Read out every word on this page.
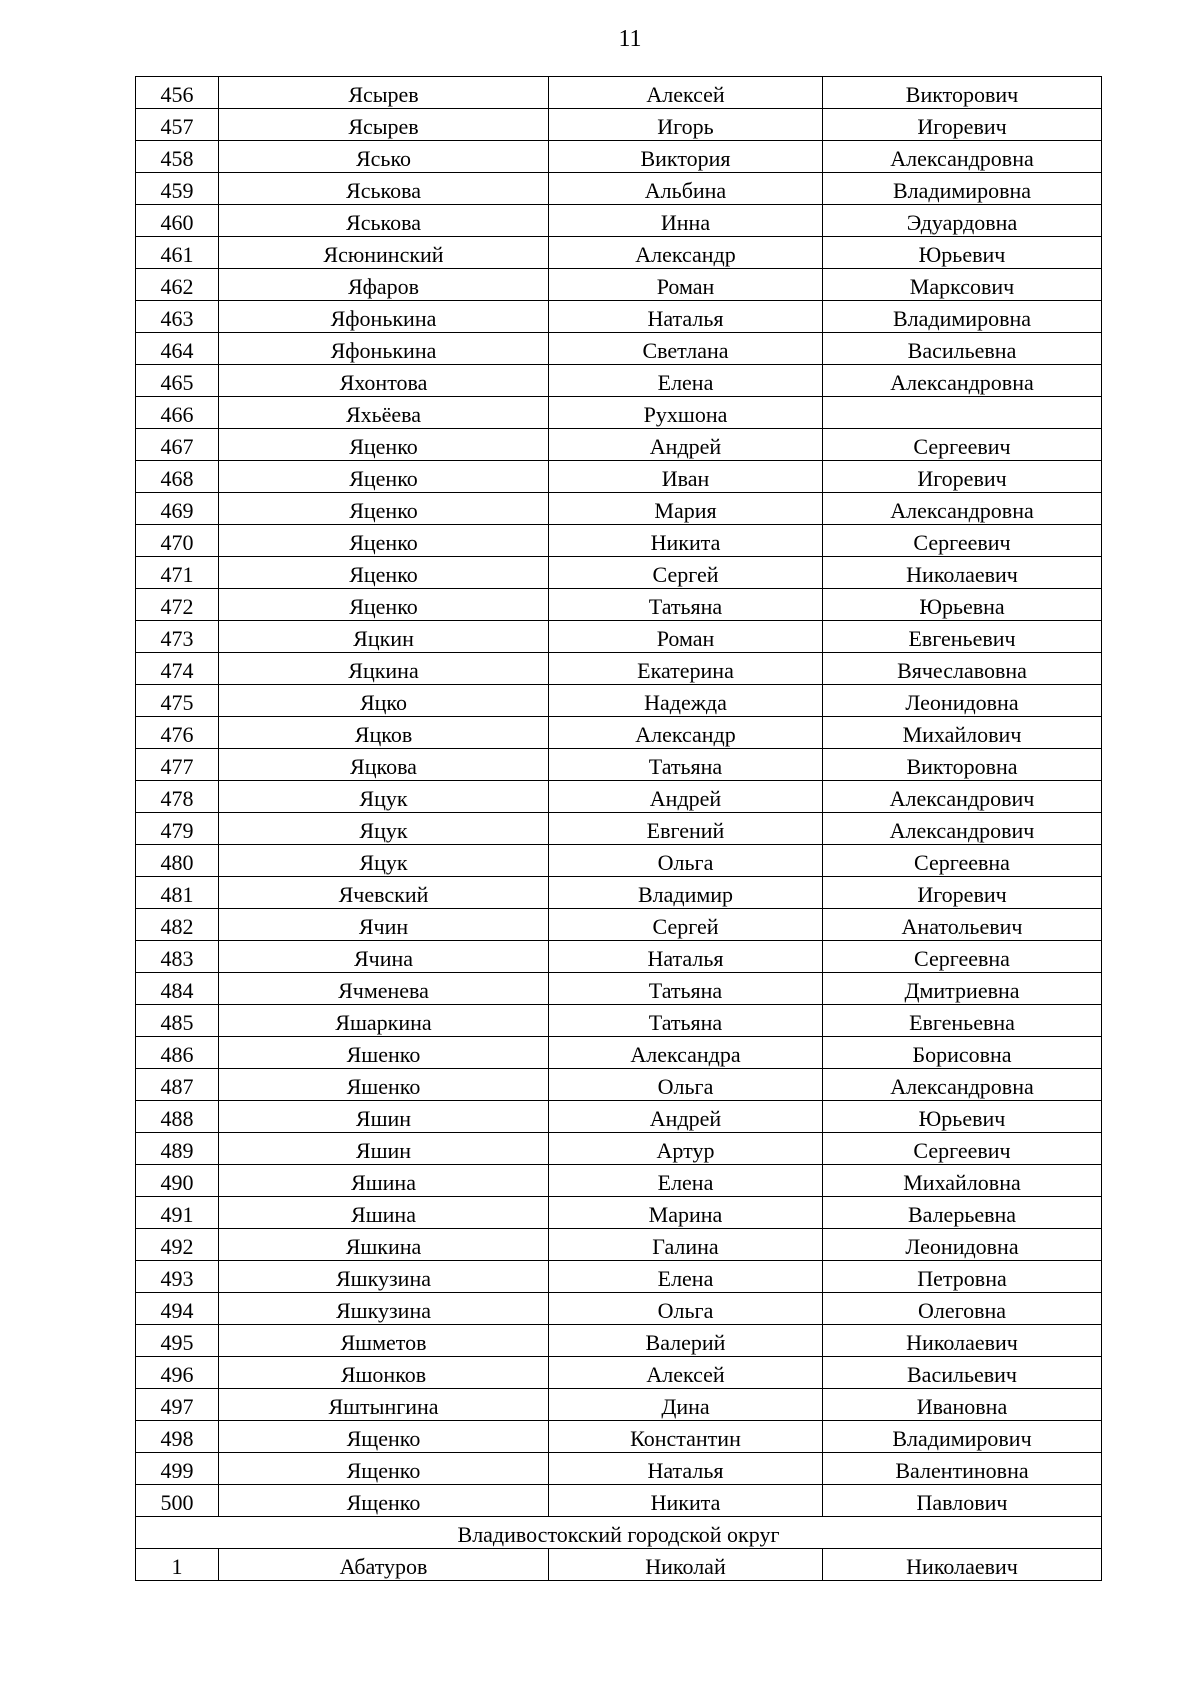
11
456	Ясырев	Алексей	Викторович
457	Ясырев	Игорь	Игоревич
458	Ясько	Виктория	Александровна
459	Яськова	Альбина	Владимировна
460	Яськова	Инна	Эдуардовна
461	Ясюнинский	Александр	Юрьевич
462	Яфаров	Роман	Марксович
463	Яфонькина	Наталья	Владимировна
464	Яфонькина	Светлана	Васильевна
465	Яхонтова	Елена	Александровна
466	Яхьёева	Рухшона	
467	Яценко	Андрей	Сергеевич
468	Яценко	Иван	Игоревич
469	Яценко	Мария	Александровна
470	Яценко	Никита	Сергеевич
471	Яценко	Сергей	Николаевич
472	Яценко	Татьяна	Юрьевна
473	Яцкин	Роман	Евгеньевич
474	Яцкина	Екатерина	Вячеславовна
475	Яцко	Надежда	Леонидовна
476	Яцков	Александр	Михайлович
477	Яцкова	Татьяна	Викторовна
478	Яцук	Андрей	Александрович
479	Яцук	Евгений	Александрович
480	Яцук	Ольга	Сергеевна
481	Ячевский	Владимир	Игоревич
482	Ячин	Сергей	Анатольевич
483	Ячина	Наталья	Сергеевна
484	Ячменева	Татьяна	Дмитриевна
485	Яшаркина	Татьяна	Евгеньевна
486	Яшенко	Александра	Борисовна
487	Яшенко	Ольга	Александровна
488	Яшин	Андрей	Юрьевич
489	Яшин	Артур	Сергеевич
490	Яшина	Елена	Михайловна
491	Яшина	Марина	Валерьевна
492	Яшкина	Галина	Леонидовна
493	Яшкузина	Елена	Петровна
494	Яшкузина	Ольга	Олеговна
495	Яшметов	Валерий	Николаевич
496	Яшонков	Алексей	Васильевич
497	Яштынгина	Дина	Ивановна
498	Ященко	Константин	Владимирович
499	Ященко	Наталья	Валентиновна
500	Ященко	Никита	Павлович
Владивостокский городской округ			
1	Абатуров	Николай	Николаевич
